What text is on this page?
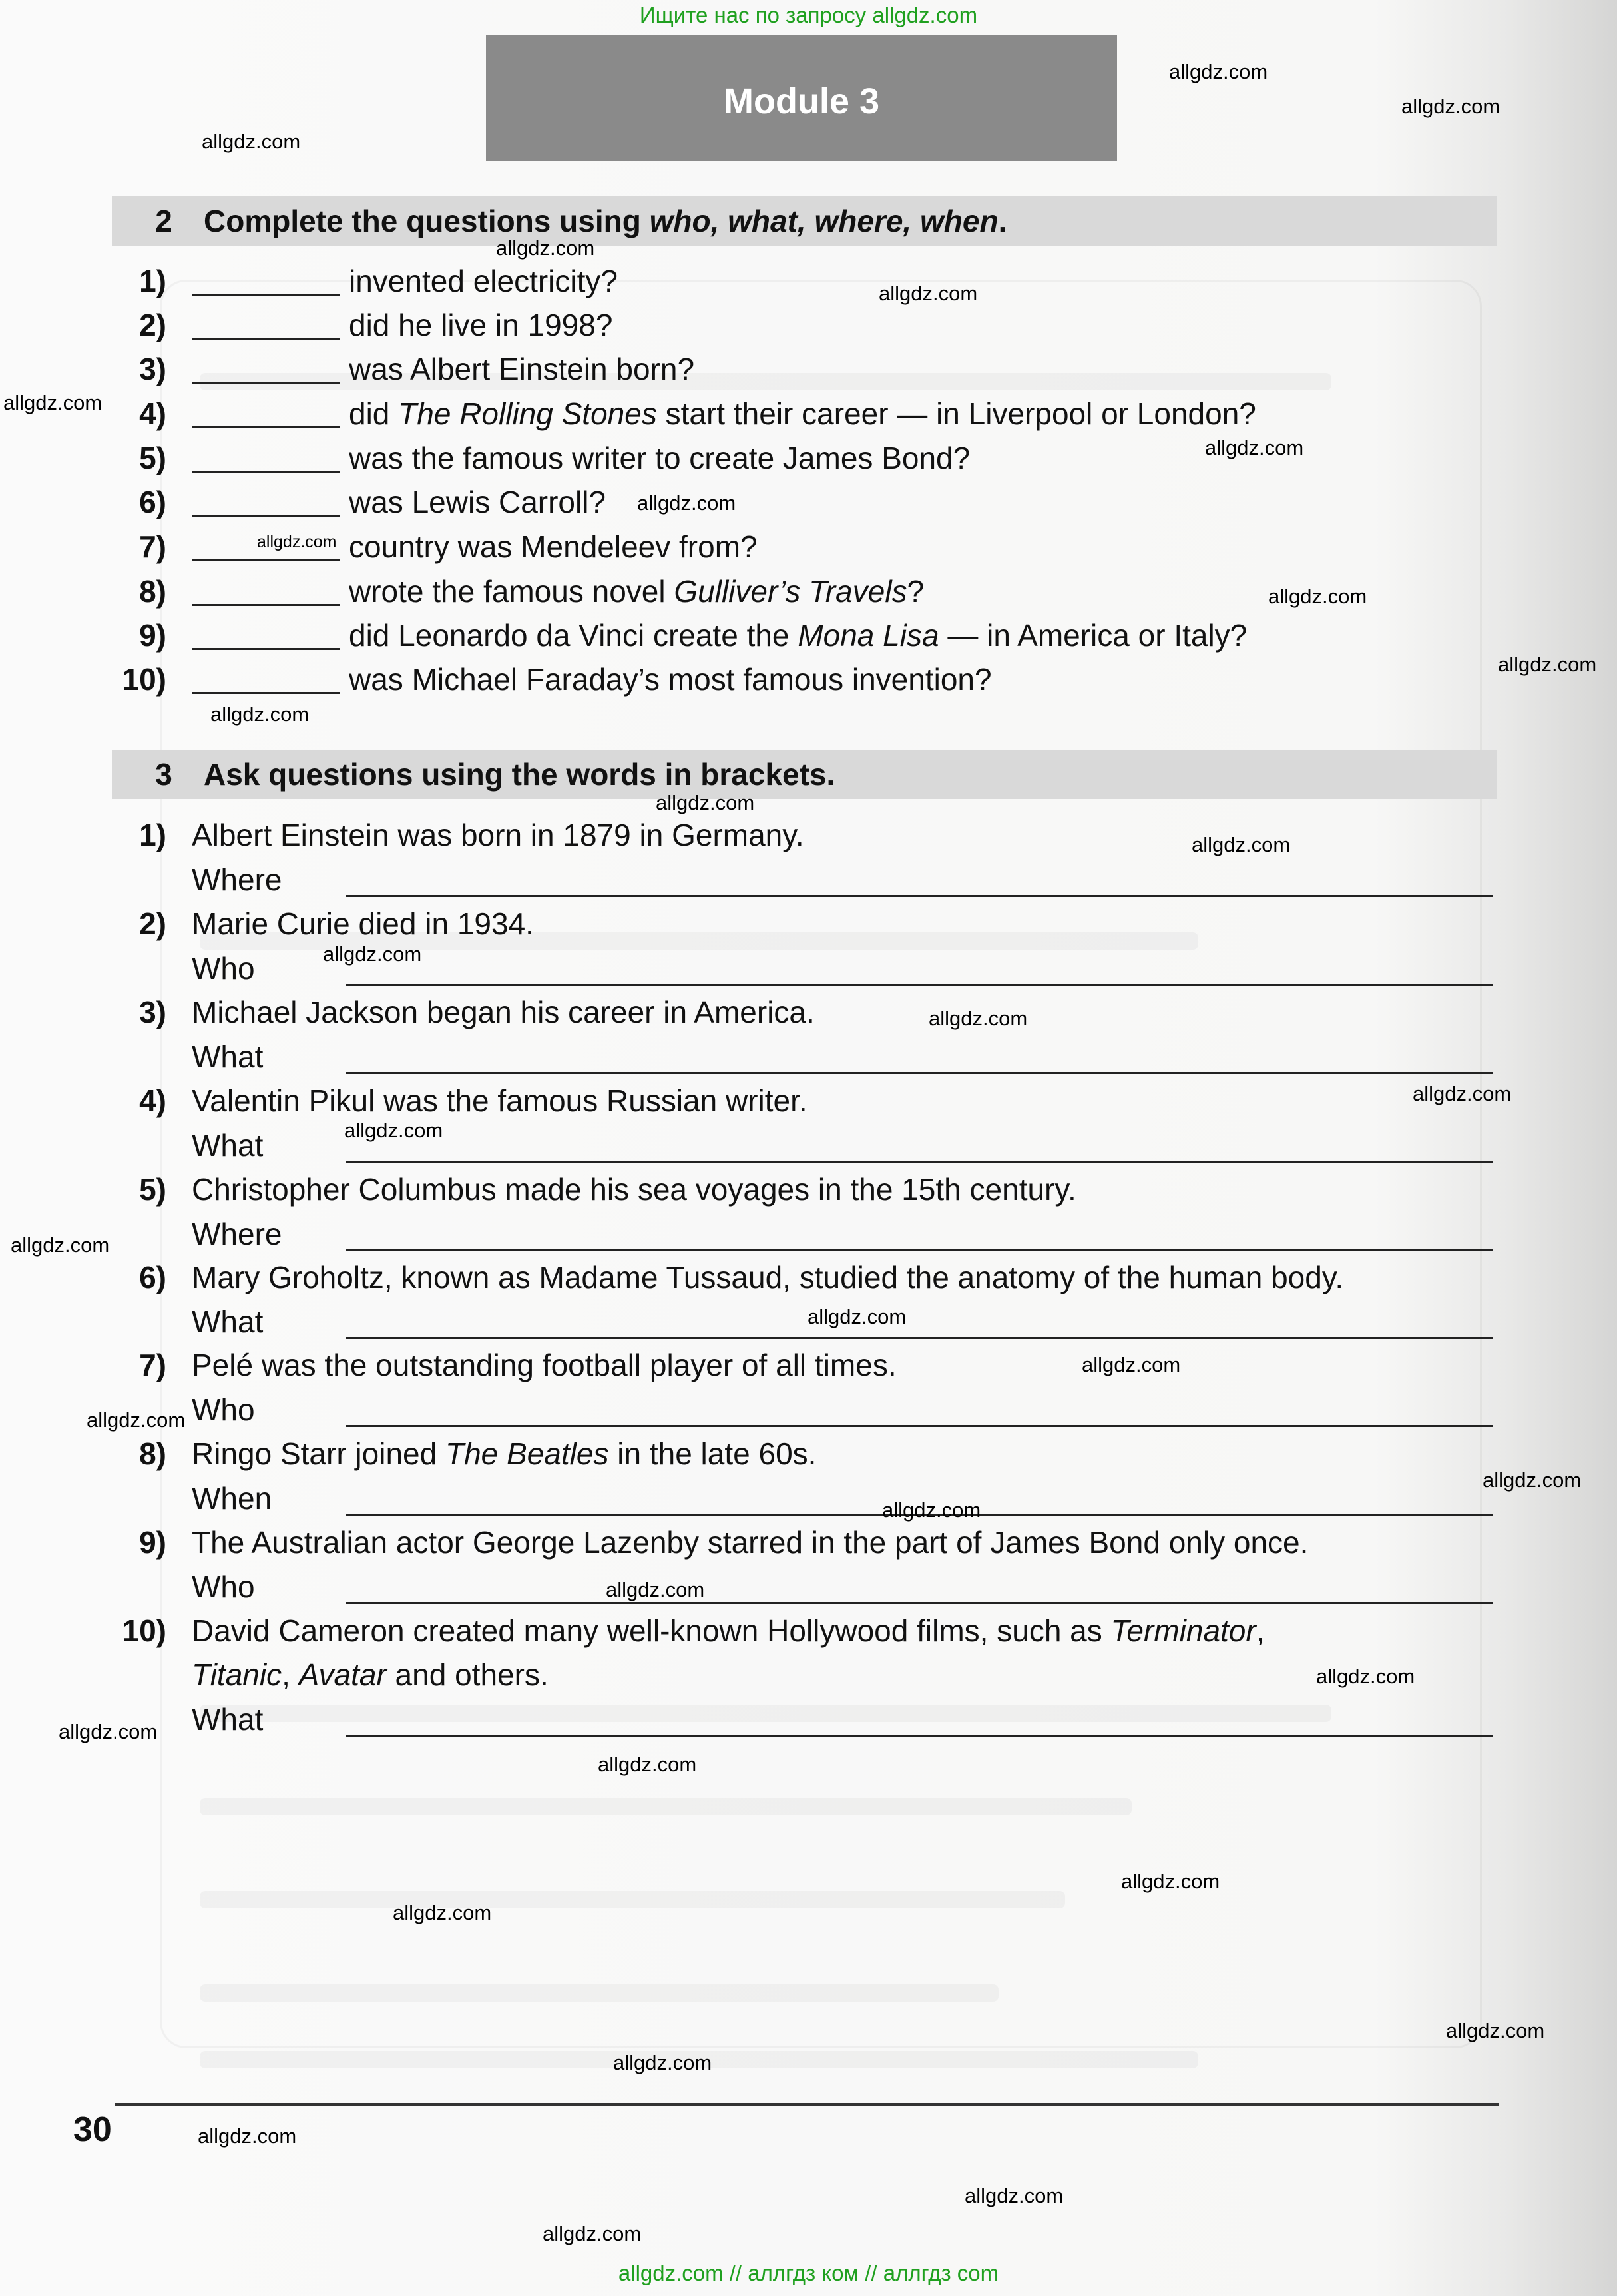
Ищите нас по запросу allgdz.com
Module 3
2	Complete the questions using who, what, where, when.
1)	invented electricity?
2)	did he live in 1998?
3)	was Albert Einstein born?
4)	did The Rolling Stones start their career — in Liverpool or London?
5)	was the famous writer to create James Bond?
6)	was Lewis Carroll?
7)	country was Mendeleev from?
8)	wrote the famous novel Gulliver’s Travels?
9)	did Leonardo da Vinci create the Mona Lisa — in America or Italy?
10)	was Michael Faraday’s most famous invention?
3	Ask questions using the words in brackets.
1) Albert Einstein was born in 1879 in Germany.
Where
2) Marie Curie died in 1934.
Who
3) Michael Jackson began his career in America.
What
4) Valentin Pikul was the famous Russian writer.
What
5) Christopher Columbus made his sea voyages in the 15th century.
Where
6) Mary Groholtz, known as Madame Tussaud, studied the anatomy of the human body.
What
7) Pelé was the outstanding football player of all times.
Who
8) Ringo Starr joined The Beatles in the late 60s.
When
9) The Australian actor George Lazenby starred in the part of James Bond only once.
Who
10) David Cameron created many well-known Hollywood films, such as Terminator,
Titanic, Avatar and others.
What
30
allgdz.com
allgdz.com
allgdz.com
allgdz.com
allgdz.com
allgdz.com
allgdz.com
allgdz.com
allgdz.com
allgdz.com
allgdz.com
allgdz.com
allgdz.com
allgdz.com
allgdz.com
allgdz.com
allgdz.com
allgdz.com
allgdz.com
allgdz.com
allgdz.com
allgdz.com
allgdz.com
allgdz.com
allgdz.com
allgdz.com
allgdz.com
allgdz.com
allgdz.com
allgdz.com
allgdz.com
allgdz.com
allgdz.com
allgdz.com
allgdz.com
allgdz.com // аллгдз ком // аллгдз com
